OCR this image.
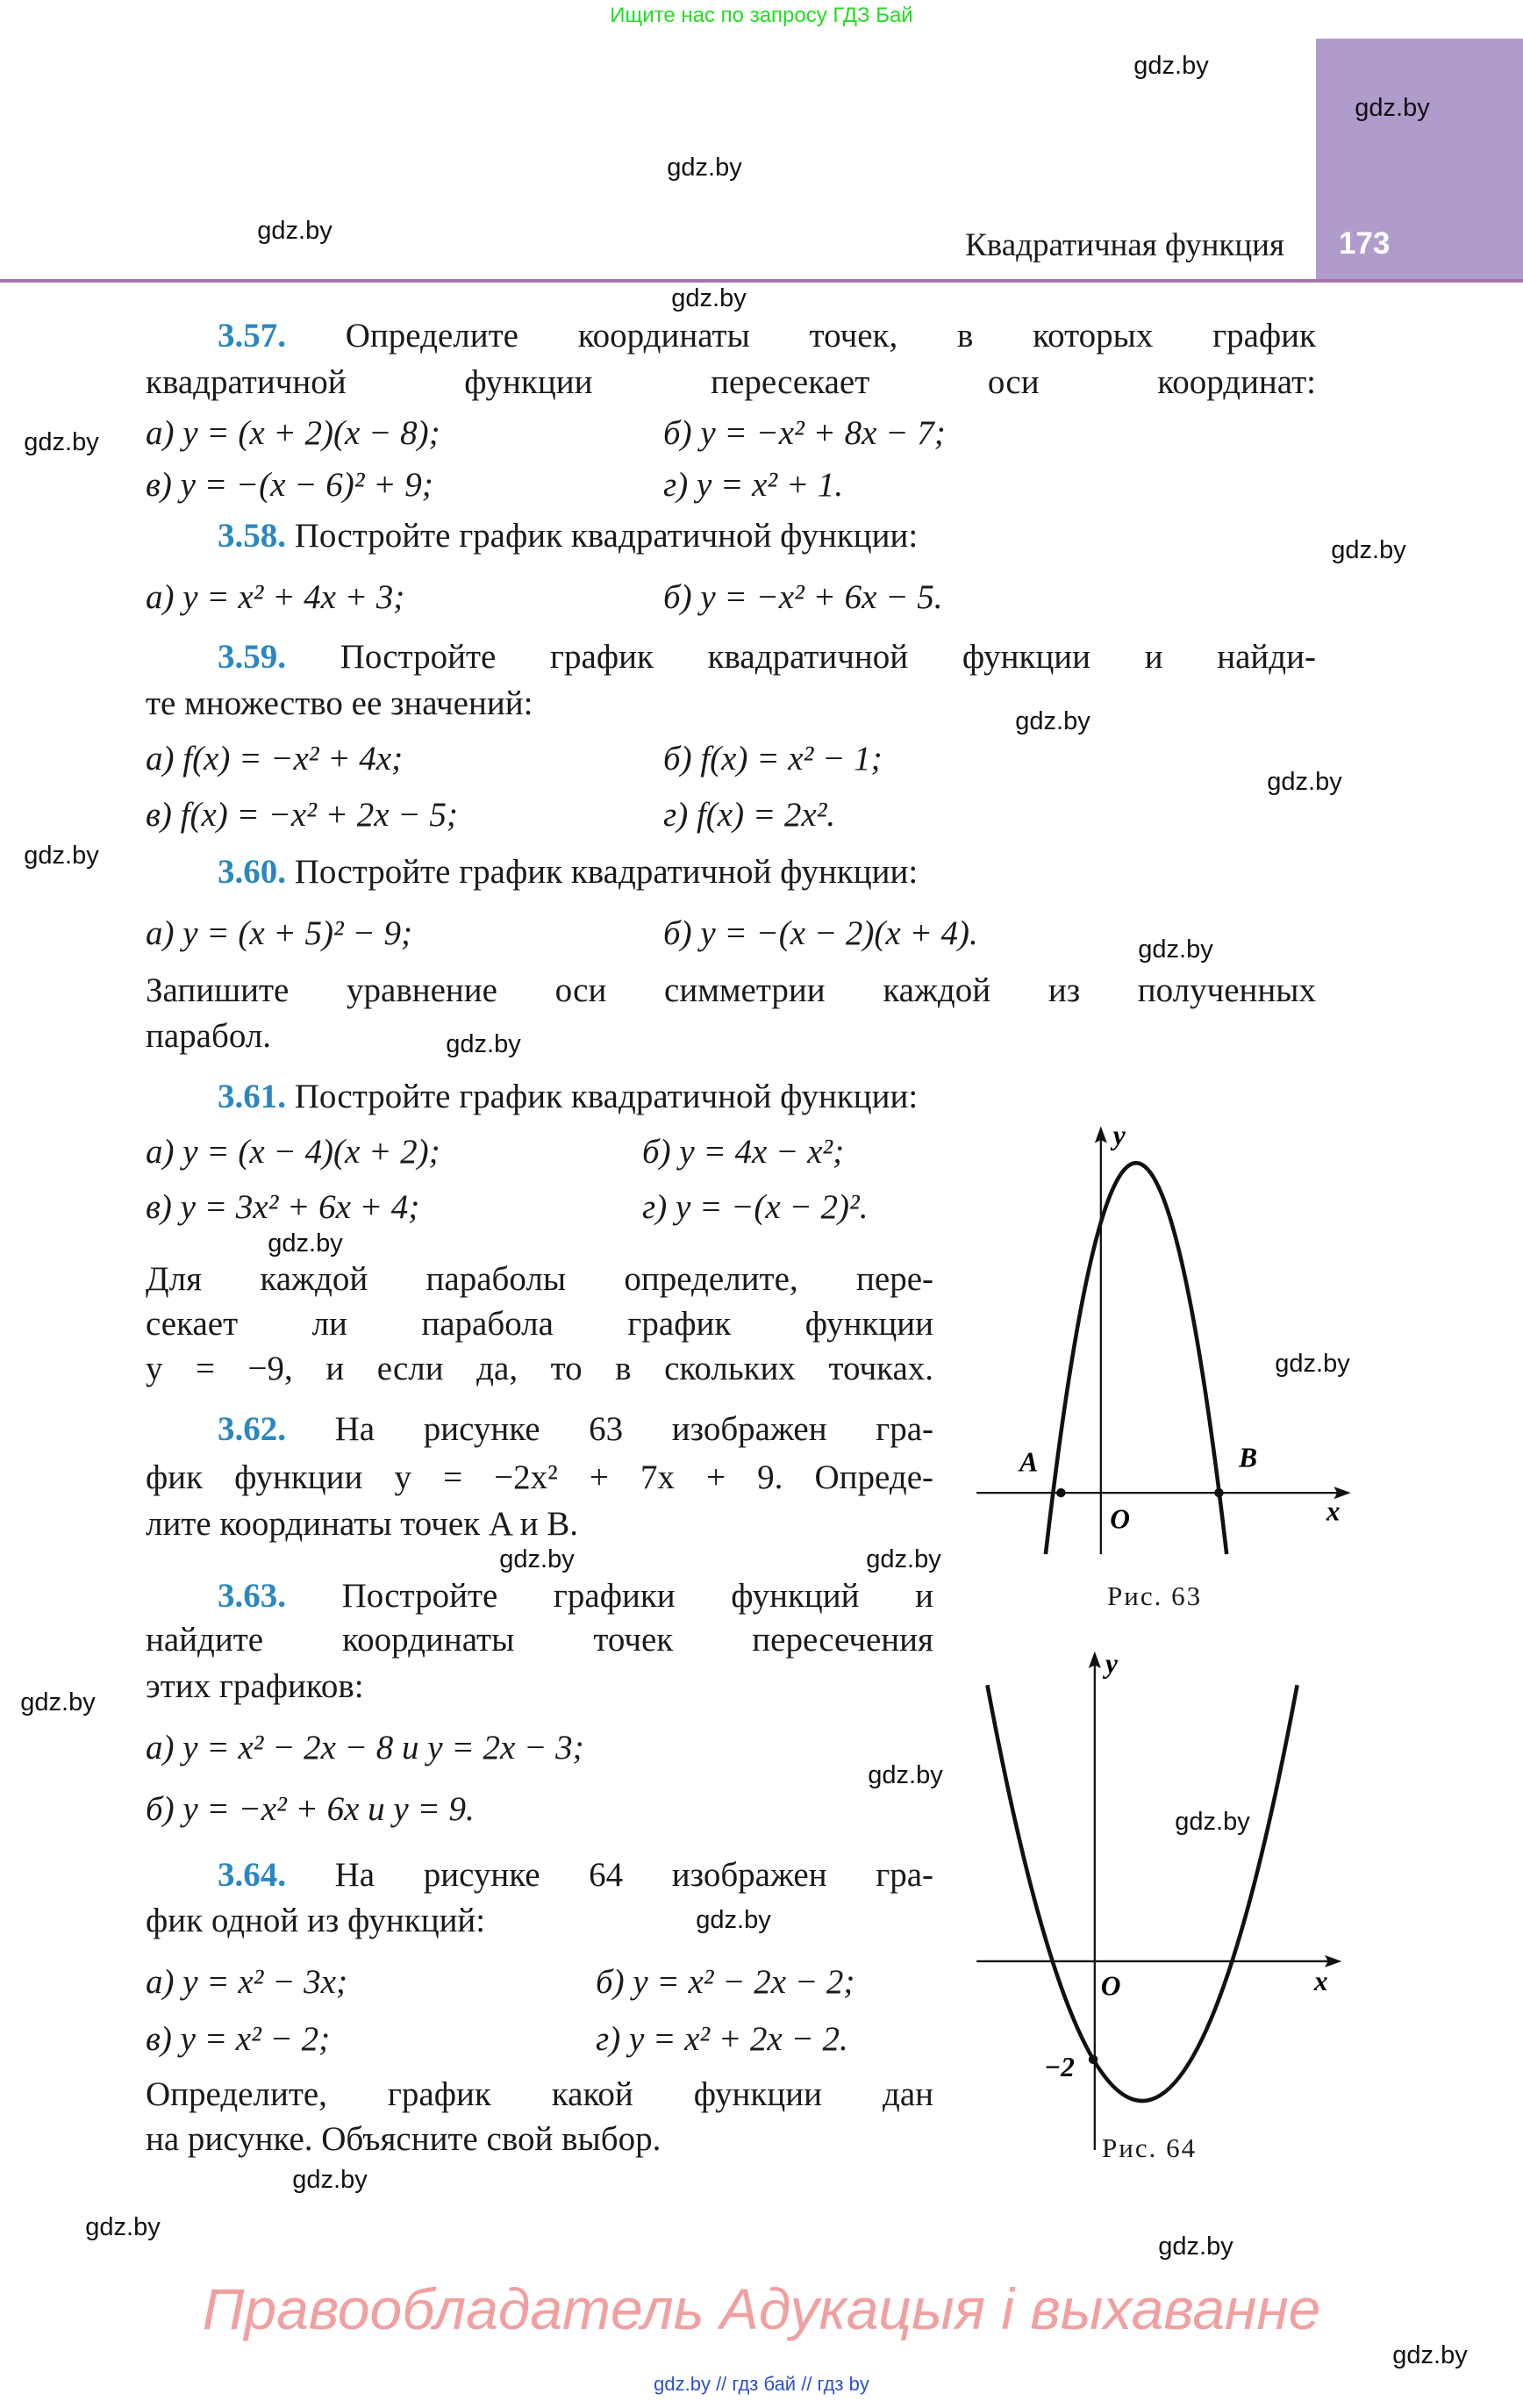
Ищите нас по запросу ГДЗ Бай
Квадратичная функция 173
3.57. Определите координаты точек, в которых график
квадратичной функции пересекает оси координат:
а) y = (x + 2)(x − 8);	б) y = −x² + 8x − 7;
в) y = −(x − 6)² + 9;	г) y = x² + 1.
3.58. Постройте график квадратичной функции:
а) y = x² + 4x + 3;	б) y = −x² + 6x − 5.
3.59. Постройте график квадратичной функции и найди-
те множество ее значений:
а) f(x) = −x² + 4x;	б) f(x) = x² − 1;
в) f(x) = −x² + 2x − 5;	г) f(x) = 2x².
3.60. Постройте график квадратичной функции:
а) y = (x + 5)² − 9;	б) y = −(x − 2)(x + 4).
Запишите уравнение оси симметрии каждой из полученных
парабол.
3.61. Постройте график квадратичной функции:
а) y = (x − 4)(x + 2);	б) y = 4x − x²;
в) y = 3x² + 6x + 4;	г) y = −(x − 2)².
Для каждой параболы определите, пере-
секает ли парабола график функции
y = −9, и если да, то в скольких точках.
3.62. На рисунке 63 изображен гра-
фик функции y = −2x² + 7x + 9. Опреде-
лите координаты точек A и B.
3.63. Постройте графики функций и
найдите координаты точек пересечения
этих графиков:
а) y = x² − 2x − 8 и y = 2x − 3;
б) y = −x² + 6x и y = 9.
3.64. На рисунке 64 изображен гра-
фик одной из функций:
а) y = x² − 3x;	б) y = x² − 2x − 2;
в) y = x² − 2;	г) y = x² + 2x − 2.
Определите, график какой функции дан
на рисунке. Объясните свой выбор.
y
x
O
A	B
Рис. 63
y
x
O
−2
Рис. 64
gdz.by
gdz.by
gdz.by
gdz.by
gdz.by
gdz.by
gdz.by
gdz.by
gdz.by
gdz.by
gdz.by
gdz.by
gdz.by
gdz.by
gdz.by
gdz.by
gdz.by
gdz.by
gdz.by
gdz.by
gdz.by
gdz.by
gdz.by
gdz.by
Правообладатель Адукацыя і выхаванне
gdz.by // гдз бай // гдз by
